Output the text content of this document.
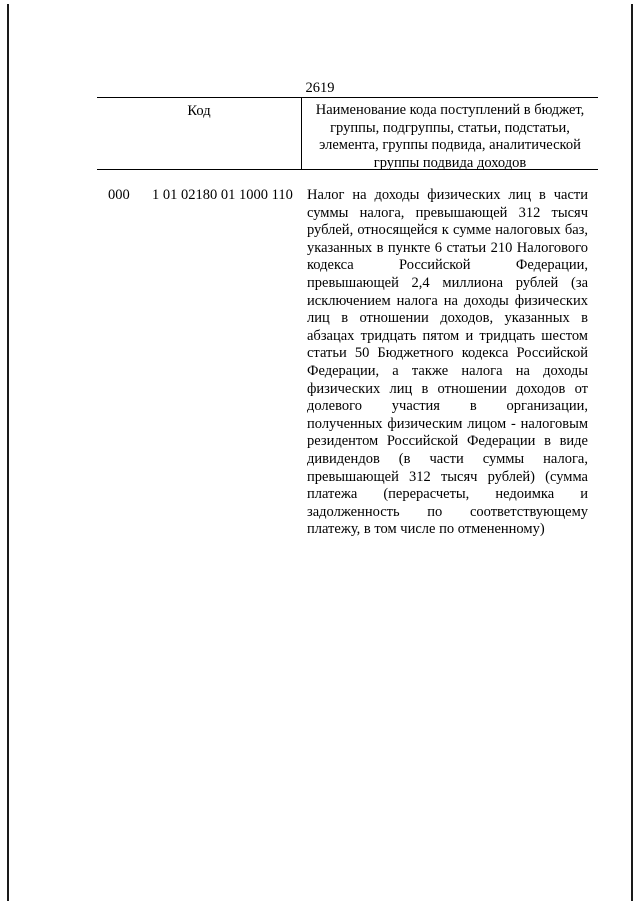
2619
Код	Наименование кода поступлений в бюджет, группы, подгруппы, статьи, подстатьи, элемента, группы подвида, аналитической группы подвида доходов
000 1 01 02180 01 1000 110 Налог на доходы физических лиц в части суммы налога, превышающей 312 тысяч рублей, относящейся к сумме налоговых баз, указанных в пункте 6 статьи 210 Налогового кодекса Российской Федерации, превышающей 2,4 миллиона рублей (за исключением налога на доходы физических лиц в отношении доходов, указанных в абзацах тридцать пятом и тридцать шестом статьи 50 Бюджетного кодекса Российской Федерации, а также налога на доходы физических лиц в отношении доходов от долевого участия в организации, полученных физическим лицом - налоговым резидентом Российской Федерации в виде дивидендов (в части суммы налога, превышающей 312 тысяч рублей) (сумма платежа (перерасчеты, недоимка и задолженность по соответствующему платежу, в том числе по отмененному)
